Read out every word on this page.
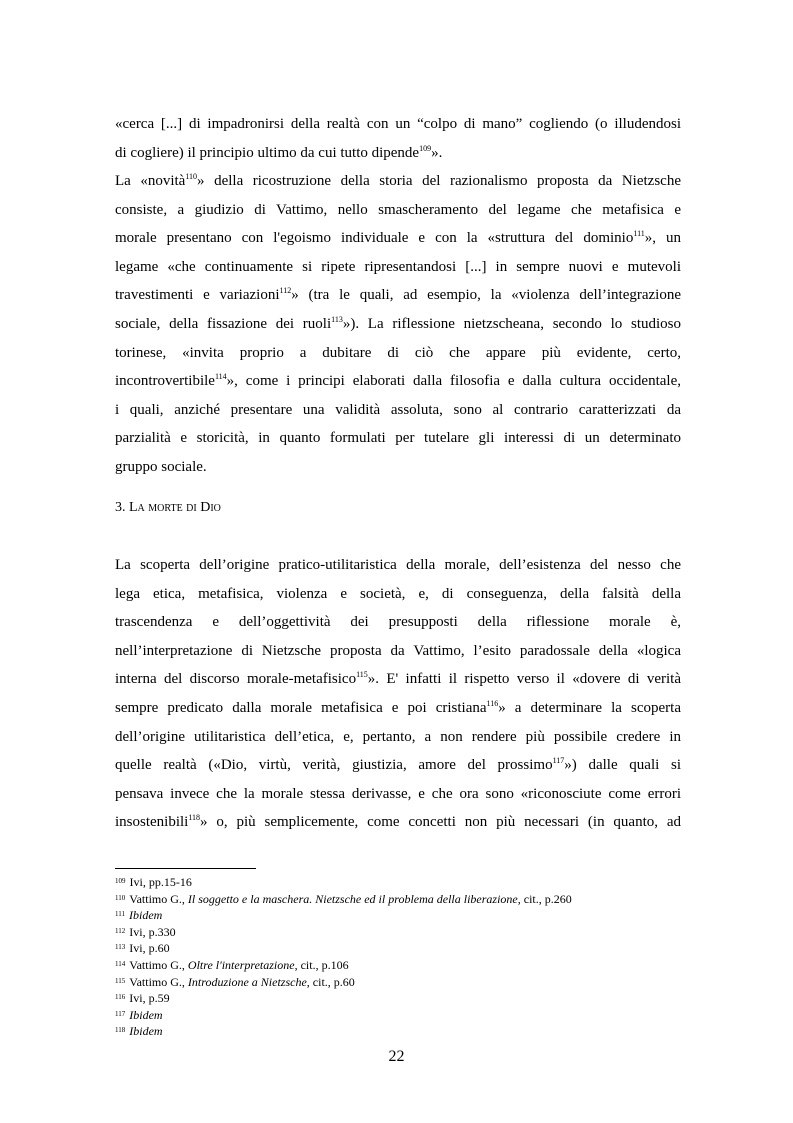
«cerca [...] di impadronirsi della realtà con un “colpo di mano” cogliendo (o illudendosi
di cogliere) il principio ultimo da cui tutto dipende$^{109}$».
La «novità$^{110}$» della ricostruzione della storia del razionalismo proposta da Nietzsche
consiste, a giudizio di Vattimo, nello smascheramento del legame che metafisica e
morale presentano con l'egoismo individuale e con la «struttura del dominio$^{111}$», un
legame «che continuamente si ripete ripresentandosi [...] in sempre nuovi e mutevoli
travestimenti e variazioni$^{112}$» (tra le quali, ad esempio, la «violenza dell’integrazione
sociale, della fissazione dei ruoli$^{113}$»). La riflessione nietzscheana, secondo lo studioso
torinese, «invita proprio a dubitare di ciò che appare più evidente, certo,
incontrovertibile$^{114}$», come i principi elaborati dalla filosofia e dalla cultura occidentale,
i quali, anziché presentare una validità assoluta, sono al contrario caratterizzati da
parzialità e storicità, in quanto formulati per tutelare gli interessi di un determinato
gruppo sociale.
3. La morte di Dio
La scoperta dell’origine pratico-utilitaristica della morale, dell’esistenza del nesso che
lega etica, metafisica, violenza e società, e, di conseguenza, della falsità della
trascendenza e dell’oggettività dei presupposti della riflessione morale è,
nell’interpretazione di Nietzsche proposta da Vattimo, l’esito paradossale della «logica
interna del discorso morale-metafisico$^{115}$». E' infatti il rispetto verso il «dovere di verità
sempre predicato dalla morale metafisica e poi cristiana$^{116}$» a determinare la scoperta
dell’origine utilitaristica dell’etica, e, pertanto, a non rendere più possibile credere in
quelle realtà («Dio, virtù, verità, giustizia, amore del prossimo$^{117}$») dalle quali si
pensava invece che la morale stessa derivasse, e che ora sono «riconosciute come errori
insostenibili$^{118}$» o, più semplicemente, come concetti non più necessari (in quanto, ad
$^{109}$ Ivi, pp.15-16
$^{110}$ Vattimo G., Il soggetto e la maschera. Nietzsche ed il problema della liberazione, cit., p.260
$^{111}$ Ibidem
$^{112}$ Ivi, p.330
$^{113}$ Ivi, p.60
$^{114}$ Vattimo G., Oltre l'interpretazione, cit., p.106
$^{115}$ Vattimo G., Introduzione a Nietzsche, cit., p.60
$^{116}$ Ivi, p.59
$^{117}$ Ibidem
$^{118}$ Ibidem
22
